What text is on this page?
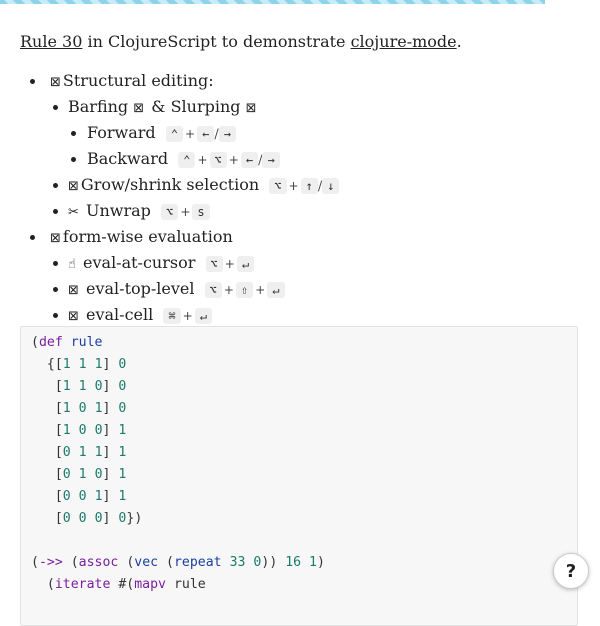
Rule 30 in ClojureScript to demonstrate clojure-mode.

⊠ Structural editing:
Barfing ⊠ & Slurping ⊠
Forward ⌃ + ← / →
Backward ⌃ + ⌥ + ← / →
⊠ Grow/shrink selection ⌥ + ↑ / ↓
✂ Unwrap ⌥ + s
⊠ form-wise evaluation
☝ eval-at-cursor ⌥ + ↵
⊠ eval-top-level ⌥ + ⇧ + ↵
⊠ eval-cell ⌘ + ↵
(def rule
{[1 1 1] 0
[1 1 0] 0
[1 0 1] 0
[1 0 0] 1
[0 1 1] 1
[0 1 0] 1
[0 0 1] 1
[0 0 0] 0})

(->> (assoc (vec (repeat 33 0)) 16 1)
(iterate #(mapv rule
?
